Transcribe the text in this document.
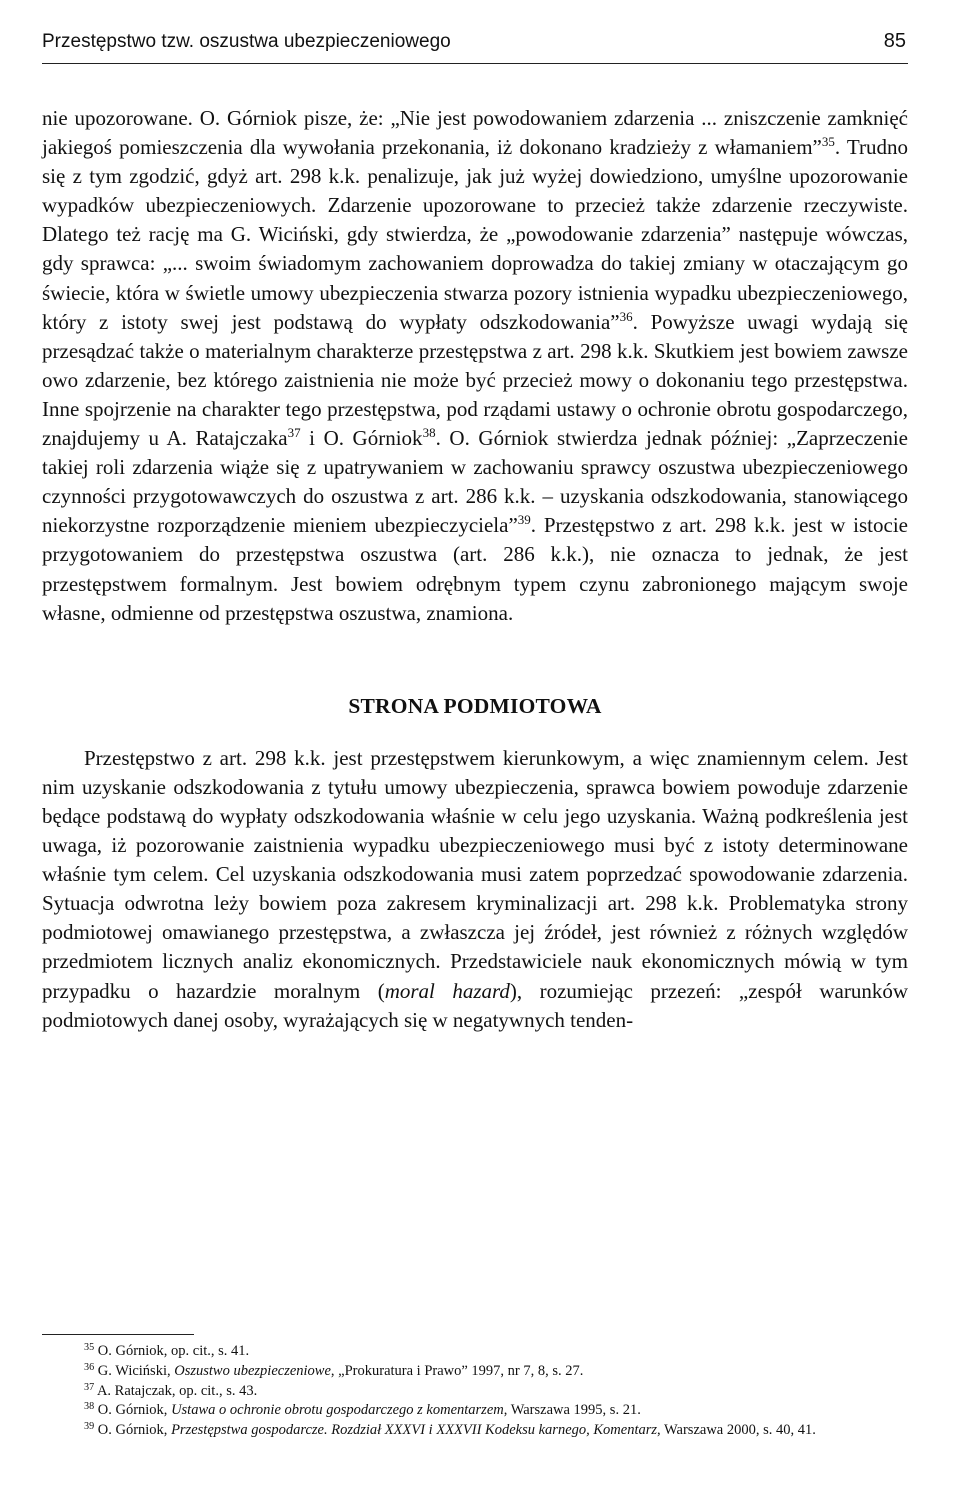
Przestępstwo tzw. oszustwa ubezpieczeniowego	85

nie upozorowane. O. Górniok pisze, że: „Nie jest powodowaniem zdarzenia ... zniszczenie zamknięć jakiegoś pomieszczenia dla wywołania przekonania, iż dokonano kradzieży z włamaniem”$^{35}$. Trudno się z tym zgodzić, gdyż art. 298 k.k. penalizuje, jak już wyżej dowiedziono, umyślne upozorowanie wypadków ubezpieczeniowych. Zdarzenie upozorowane to przecież także zdarzenie rzeczywiste. Dlatego też rację ma G. Wiciński, gdy stwierdza, że „powodowanie zdarzenia” następuje wówczas, gdy sprawca: „... swoim świadomym zachowaniem doprowadza do takiej zmiany w otaczającym go świecie, która w świetle umowy ubezpieczenia stwarza pozory istnienia wypadku ubezpieczeniowego, który z istoty swej jest podstawą do wypłaty odszkodowania”$^{36}$. Powyższe uwagi wydają się przesądzać także o materialnym charakterze przestępstwa z art. 298 k.k. Skutkiem jest bowiem zawsze owo zdarzenie, bez którego zaistnienia nie może być przecież mowy o dokonaniu tego przestępstwa. Inne spojrzenie na charakter tego przestępstwa, pod rządami ustawy o ochronie obrotu gospodarczego, znajdujemy u A. Ratajczaka$^{37}$ i O. Górniok$^{38}$. O. Górniok stwierdza jednak później: „Zaprzeczenie takiej roli zdarzenia wiąże się z upatrywaniem w zachowaniu sprawcy oszustwa ubezpieczeniowego czynności przygotowawczych do oszustwa z art. 286 k.k. – uzyskania odszkodowania, stanowiącego niekorzystne rozporządzenie mieniem ubezpieczyciela”$^{39}$. Przestępstwo z art. 298 k.k. jest w istocie przygotowaniem do przestępstwa oszustwa (art. 286 k.k.), nie oznacza to jednak, że jest przestępstwem formalnym. Jest bowiem odrębnym typem czynu zabronionego mającym swoje własne, odmienne od przestępstwa oszustwa, znamiona.

STRONA PODMIOTOWA

Przestępstwo z art. 298 k.k. jest przestępstwem kierunkowym, a więc znamiennym celem. Jest nim uzyskanie odszkodowania z tytułu umowy ubezpieczenia, sprawca bowiem powoduje zdarzenie będące podstawą do wypłaty odszkodowania właśnie w celu jego uzyskania. Ważną podkreślenia jest uwaga, iż pozorowanie zaistnienia wypadku ubezpieczeniowego musi być z istoty determinowane właśnie tym celem. Cel uzyskania odszkodowania musi zatem poprzedzać spowodowanie zdarzenia. Sytuacja odwrotna leży bowiem poza zakresem kryminalizacji art. 298 k.k. Problematyka strony podmiotowej omawianego przestępstwa, a zwłaszcza jej źródeł, jest również z różnych względów przedmiotem licznych analiz ekonomicznych. Przedstawiciele nauk ekonomicznych mówią w tym przypadku o hazardzie moralnym (moral hazard), rozumiejąc przezeń: „zespół warunków podmiotowych danej osoby, wyrażających się w negatywnych tenden-

$^{35}$ O. Górniok, op. cit., s. 41.

$^{36}$ G. Wiciński, Oszustwo ubezpieczeniowe, „Prokuratura i Prawo” 1997, nr 7, 8, s. 27.

$^{37}$ A. Ratajczak, op. cit., s. 43.

$^{38}$ O. Górniok, Ustawa o ochronie obrotu gospodarczego z komentarzem, Warszawa 1995, s. 21.

$^{39}$ O. Górniok, Przestępstwa gospodarcze. Rozdział XXXVI i XXXVII Kodeksu karnego, Komentarz, Warszawa 2000, s. 40, 41.
